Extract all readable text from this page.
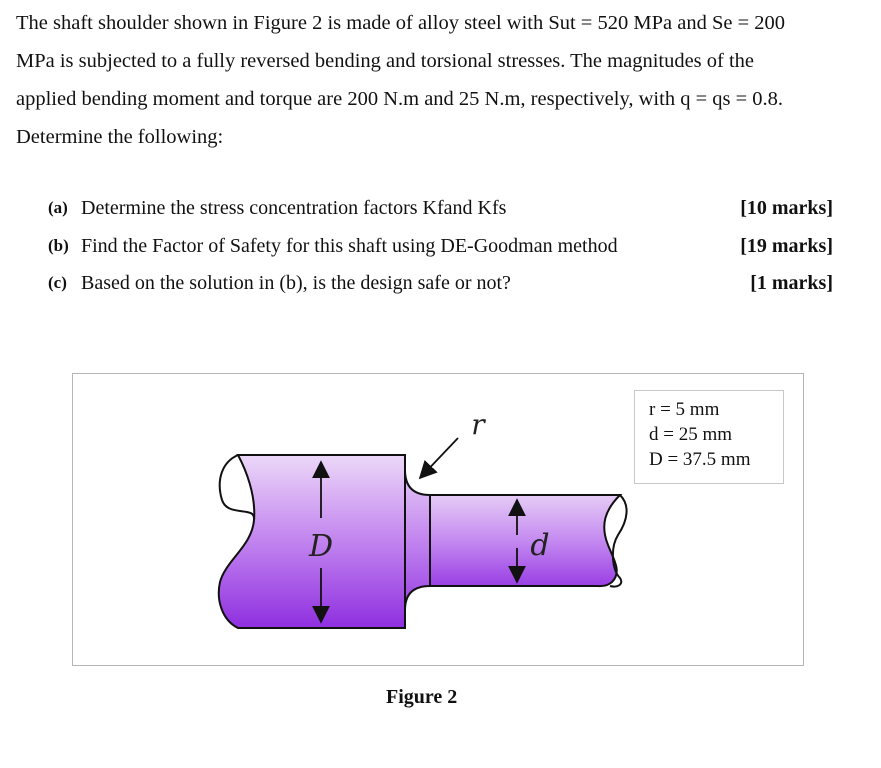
The shaft shoulder shown in Figure 2 is made of alloy steel with Sut = 520 MPa and Se = 200
MPa is subjected to a fully reversed bending and torsional stresses. The magnitudes of the
applied bending moment and torque are 200 N.m and 25 N.m, respectively, with q = qs = 0.8.
Determine the following:
(a) Determine the stress concentration factors Kfand Kfs	[10 marks]
(b) Find the Factor of Safety for this shaft using DE-Goodman method	[19 marks]
(c) Based on the solution in (b), is the design safe or not?	[1 marks]
D	d
r	r = 5 mm
d = 25 mm
D = 37.5 mm
Figure 2
